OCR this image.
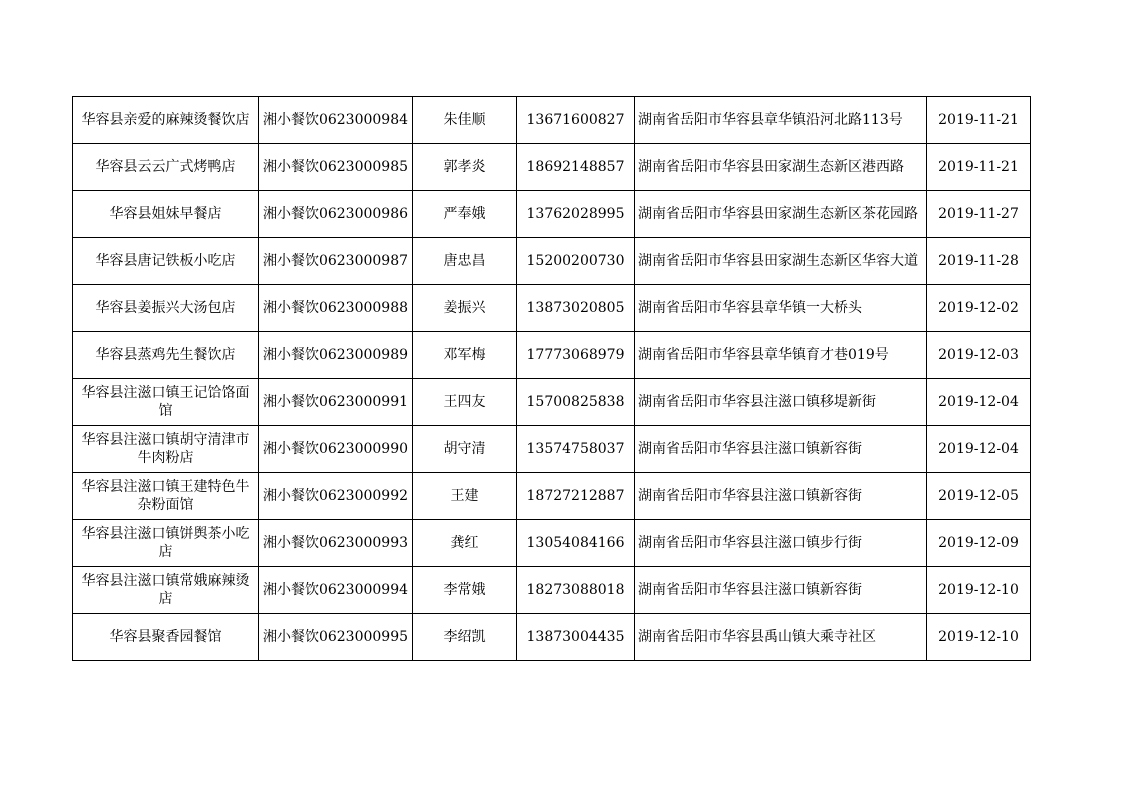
华容县亲爱的麻辣烫餐饮店	湘小餐饮0623000984	朱佳顺	13671600827	湖南省岳阳市华容县章华镇沿河北路113号	2019-11-21
华容县云云广式烤鸭店	湘小餐饮0623000985	郭孝炎	18692148857	湖南省岳阳市华容县田家湖生态新区港西路	2019-11-21
华容县姐妹早餐店	湘小餐饮0623000986	严奉娥	13762028995	湖南省岳阳市华容县田家湖生态新区茶花园路	2019-11-27
华容县唐记铁板小吃店	湘小餐饮0623000987	唐忠昌	15200200730	湖南省岳阳市华容县田家湖生态新区华容大道	2019-11-28
华容县姜振兴大汤包店	湘小餐饮0623000988	姜振兴	13873020805	湖南省岳阳市华容县章华镇一大桥头	2019-12-02
华容县蒸鸡先生餐饮店	湘小餐饮0623000989	邓军梅	17773068979	湖南省岳阳市华容县章华镇育才巷019号	2019-12-03
华容县注滋口镇王记饸饹面馆	湘小餐饮0623000991	王四友	15700825838	湖南省岳阳市华容县注滋口镇移堤新街	2019-12-04
华容县注滋口镇胡守清津市牛肉粉店	湘小餐饮0623000990	胡守清	13574758037	湖南省岳阳市华容县注滋口镇新容街	2019-12-04
华容县注滋口镇王建特色牛杂粉面馆	湘小餐饮0623000992	王建	18727212887	湖南省岳阳市华容县注滋口镇新容街	2019-12-05
华容县注滋口镇饼舆茶小吃店	湘小餐饮0623000993	龚红	13054084166	湖南省岳阳市华容县注滋口镇步行街	2019-12-09
华容县注滋口镇常娥麻辣烫店	湘小餐饮0623000994	李常娥	18273088018	湖南省岳阳市华容县注滋口镇新容街	2019-12-10
华容县聚香园餐馆	湘小餐饮0623000995	李绍凯	13873004435	湖南省岳阳市华容县禹山镇大乘寺社区	2019-12-10
